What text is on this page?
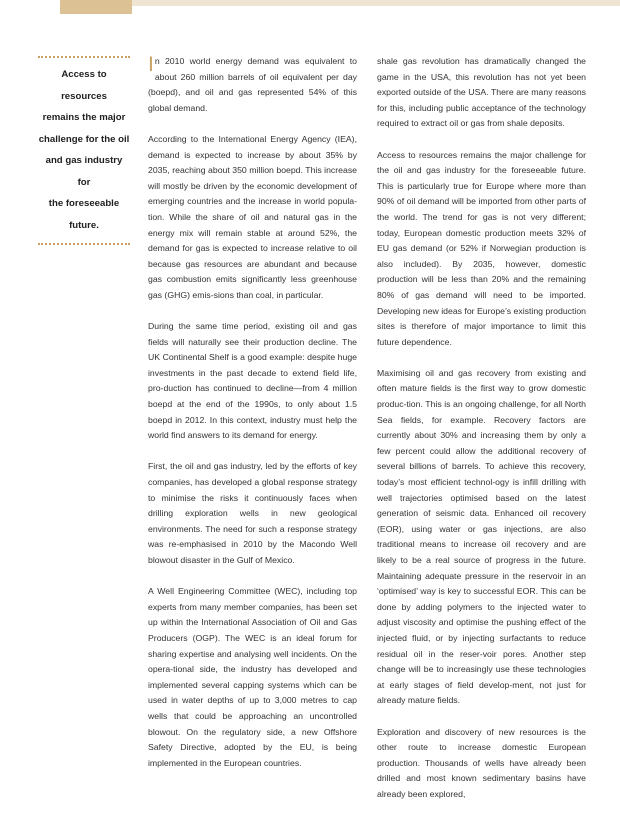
Access to resources
remains the major
challenge for the oil
and gas industry for
the foreseeable future.

In 2010 world energy demand was equivalent to about 260 million barrels of oil equivalent per day (boepd), and oil and gas represented 54% of this global demand.

According to the International Energy Agency (IEA), demand is expected to increase by about 35% by 2035, reaching about 350 million boepd. This increase will mostly be driven by the economic development of emerging countries and the increase in world popula-tion. While the share of oil and natural gas in the energy mix will remain stable at around 52%, the demand for gas is expected to increase relative to oil because gas resources are abundant and because gas combustion emits significantly less greenhouse gas (GHG) emis-sions than coal, in particular.

During the same time period, existing oil and gas fields will naturally see their production decline. The UK Continental Shelf is a good example: despite huge investments in the past decade to extend field life, pro-duction has continued to decline—from 4 million boepd at the end of the 1990s, to only about 1.5 boepd in 2012. In this context, industry must help the world find answers to its demand for energy.

First, the oil and gas industry, led by the efforts of key companies, has developed a global response strategy to minimise the risks it continuously faces when drilling exploration wells in new geological environments. The need for such a response strategy was re-emphasised in 2010 by the Macondo Well blowout disaster in the Gulf of Mexico.

A Well Engineering Committee (WEC), including top experts from many member companies, has been set up within the International Association of Oil and Gas Producers (OGP). The WEC is an ideal forum for sharing expertise and analysing well incidents. On the opera-tional side, the industry has developed and implemented several capping systems which can be used in water depths of up to 3,000 metres to cap wells that could be approaching an uncontrolled blowout. On the regulatory side, a new Offshore Safety Directive, adopted by the EU, is being implemented in the European countries.

shale gas revolution has dramatically changed the game in the USA, this revolution has not yet been exported outside of the USA. There are many reasons for this, including public acceptance of the technology required to extract oil or gas from shale deposits.

Access to resources remains the major challenge for the oil and gas industry for the foreseeable future. This is particularly true for Europe where more than 90% of oil demand will be imported from other parts of the world. The trend for gas is not very different; today, European domestic production meets 32% of EU gas demand (or 52% if Norwegian production is also included). By 2035, however, domestic production will be less than 20% and the remaining 80% of gas demand will need to be imported. Developing new ideas for Europe’s existing production sites is therefore of major importance to limit this future dependence.

Maximising oil and gas recovery from existing and often mature fields is the first way to grow domestic produc-tion. This is an ongoing challenge, for all North Sea fields, for example. Recovery factors are currently about 30% and increasing them by only a few percent could allow the additional recovery of several billions of barrels. To achieve this recovery, today’s most efficient technol-ogy is infill drilling with well trajectories optimised based on the latest generation of seismic data. Enhanced oil recovery (EOR), using water or gas injections, are also traditional means to increase oil recovery and are likely to be a real source of progress in the future. Maintaining adequate pressure in the reservoir in an ‘optimised’ way is key to successful EOR. This can be done by adding polymers to the injected water to adjust viscosity and optimise the pushing effect of the injected fluid, or by injecting surfactants to reduce residual oil in the reser-voir pores. Another step change will be to increasingly use these technologies at early stages of field develop-ment, not just for already mature fields.

Exploration and discovery of new resources is the other route to increase domestic European production. Thousands of wells have already been drilled and most known sedimentary basins have already been explored,
